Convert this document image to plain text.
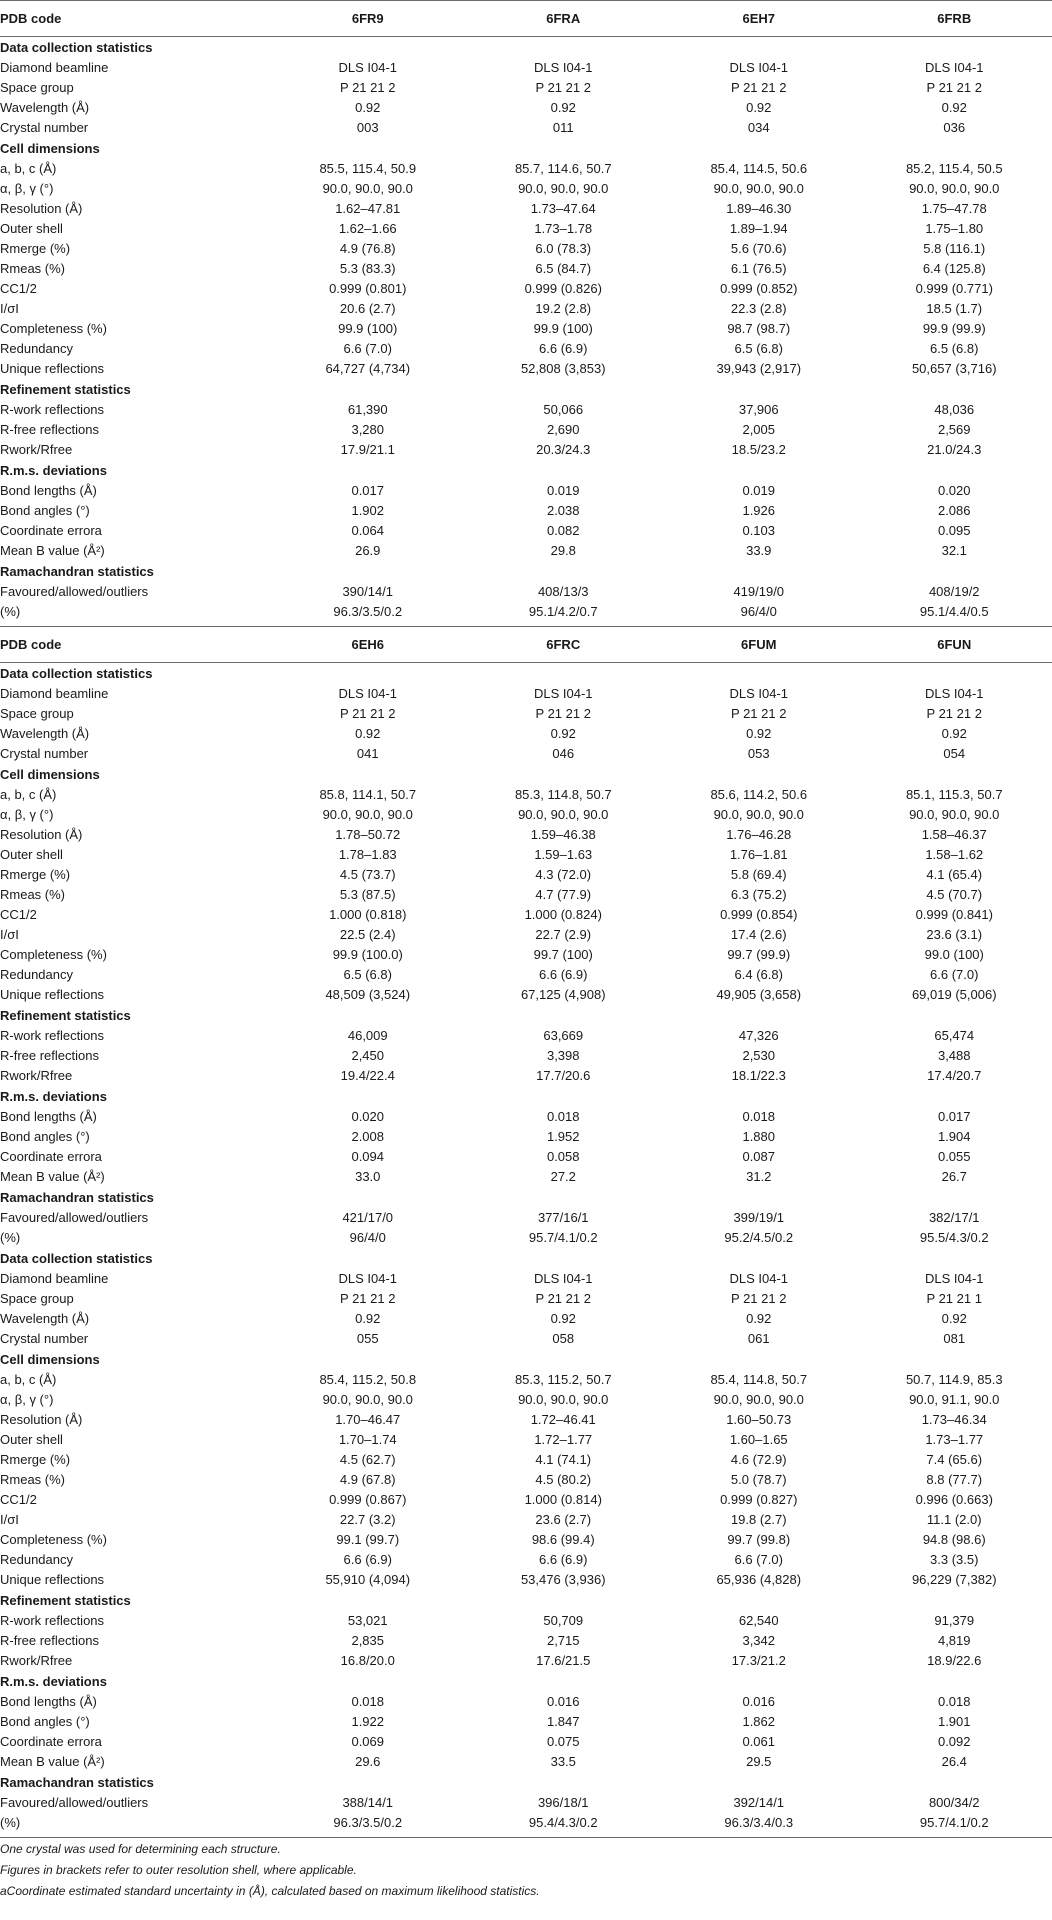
PDB code	6FR9	6FRA	6EH7	6FRB
Data collection statistics				
Diamond beamline	DLS I04-1	DLS I04-1	DLS I04-1	DLS I04-1
Space group	P 21 21 2	P 21 21 2	P 21 21 2	P 21 21 2
Wavelength (Å)	0.92	0.92	0.92	0.92
Crystal number	003	011	034	036
Cell dimensions				
a, b, c (Å)	85.5, 115.4, 50.9	85.7, 114.6, 50.7	85.4, 114.5, 50.6	85.2, 115.4, 50.5
α, β, γ (°)	90.0, 90.0, 90.0	90.0, 90.0, 90.0	90.0, 90.0, 90.0	90.0, 90.0, 90.0
Resolution (Å)	1.62–47.81	1.73–47.64	1.89–46.30	1.75–47.78
Outer shell	1.62–1.66	1.73–1.78	1.89–1.94	1.75–1.80
Rmerge (%)	4.9 (76.8)	6.0 (78.3)	5.6 (70.6)	5.8 (116.1)
Rmeas (%)	5.3 (83.3)	6.5 (84.7)	6.1 (76.5)	6.4 (125.8)
CC1/2	0.999 (0.801)	0.999 (0.826)	0.999 (0.852)	0.999 (0.771)
I/σI	20.6 (2.7)	19.2 (2.8)	22.3 (2.8)	18.5 (1.7)
Completeness (%)	99.9 (100)	99.9 (100)	98.7 (98.7)	99.9 (99.9)
Redundancy	6.6 (7.0)	6.6 (6.9)	6.5 (6.8)	6.5 (6.8)
Unique reflections	64,727 (4,734)	52,808 (3,853)	39,943 (2,917)	50,657 (3,716)
Refinement statistics				
R-work reflections	61,390	50,066	37,906	48,036
R-free reflections	3,280	2,690	2,005	2,569
Rwork/Rfree	17.9/21.1	20.3/24.3	18.5/23.2	21.0/24.3
R.m.s. deviations				
Bond lengths (Å)	0.017	0.019	0.019	0.020
Bond angles (°)	1.902	2.038	1.926	2.086
Coordinate errora	0.064	0.082	0.103	0.095
Mean B value (Å²)	26.9	29.8	33.9	32.1
Ramachandran statistics				
Favoured/allowed/outliers	390/14/1	408/13/3	419/19/0	408/19/2
(%)	96.3/3.5/0.2	95.1/4.2/0.7	96/4/0	95.1/4.4/0.5
PDB code	6EH6	6FRC	6FUM	6FUN
Data collection statistics				
Diamond beamline	DLS I04-1	DLS I04-1	DLS I04-1	DLS I04-1
Space group	P 21 21 2	P 21 21 2	P 21 21 2	P 21 21 2
Wavelength (Å)	0.92	0.92	0.92	0.92
Crystal number	041	046	053	054
Cell dimensions				
a, b, c (Å)	85.8, 114.1, 50.7	85.3, 114.8, 50.7	85.6, 114.2, 50.6	85.1, 115.3, 50.7
α, β, γ (°)	90.0, 90.0, 90.0	90.0, 90.0, 90.0	90.0, 90.0, 90.0	90.0, 90.0, 90.0
Resolution (Å)	1.78–50.72	1.59–46.38	1.76–46.28	1.58–46.37
Outer shell	1.78–1.83	1.59–1.63	1.76–1.81	1.58–1.62
Rmerge (%)	4.5 (73.7)	4.3 (72.0)	5.8 (69.4)	4.1 (65.4)
Rmeas (%)	5.3 (87.5)	4.7 (77.9)	6.3 (75.2)	4.5 (70.7)
CC1/2	1.000 (0.818)	1.000 (0.824)	0.999 (0.854)	0.999 (0.841)
I/σI	22.5 (2.4)	22.7 (2.9)	17.4 (2.6)	23.6 (3.1)
Completeness (%)	99.9 (100.0)	99.7 (100)	99.7 (99.9)	99.0 (100)
Redundancy	6.5 (6.8)	6.6 (6.9)	6.4 (6.8)	6.6 (7.0)
Unique reflections	48,509 (3,524)	67,125 (4,908)	49,905 (3,658)	69,019 (5,006)
Refinement statistics				
R-work reflections	46,009	63,669	47,326	65,474
R-free reflections	2,450	3,398	2,530	3,488
Rwork/Rfree	19.4/22.4	17.7/20.6	18.1/22.3	17.4/20.7
R.m.s. deviations				
Bond lengths (Å)	0.020	0.018	0.018	0.017
Bond angles (°)	2.008	1.952	1.880	1.904
Coordinate errora	0.094	0.058	0.087	0.055
Mean B value (Å²)	33.0	27.2	31.2	26.7
Ramachandran statistics				
Favoured/allowed/outliers	421/17/0	377/16/1	399/19/1	382/17/1
(%)	96/4/0	95.7/4.1/0.2	95.2/4.5/0.2	95.5/4.3/0.2
Data collection statistics				
Diamond beamline	DLS I04-1	DLS I04-1	DLS I04-1	DLS I04-1
Space group	P 21 21 2	P 21 21 2	P 21 21 2	P 21 21 1
Wavelength (Å)	0.92	0.92	0.92	0.92
Crystal number	055	058	061	081
Cell dimensions				
a, b, c (Å)	85.4, 115.2, 50.8	85.3, 115.2, 50.7	85.4, 114.8, 50.7	50.7, 114.9, 85.3
α, β, γ (°)	90.0, 90.0, 90.0	90.0, 90.0, 90.0	90.0, 90.0, 90.0	90.0, 91.1, 90.0
Resolution (Å)	1.70–46.47	1.72–46.41	1.60–50.73	1.73–46.34
Outer shell	1.70–1.74	1.72–1.77	1.60–1.65	1.73–1.77
Rmerge (%)	4.5 (62.7)	4.1 (74.1)	4.6 (72.9)	7.4 (65.6)
Rmeas (%)	4.9 (67.8)	4.5 (80.2)	5.0 (78.7)	8.8 (77.7)
CC1/2	0.999 (0.867)	1.000 (0.814)	0.999 (0.827)	0.996 (0.663)
I/σI	22.7 (3.2)	23.6 (2.7)	19.8 (2.7)	11.1 (2.0)
Completeness (%)	99.1 (99.7)	98.6 (99.4)	99.7 (99.8)	94.8 (98.6)
Redundancy	6.6 (6.9)	6.6 (6.9)	6.6 (7.0)	3.3 (3.5)
Unique reflections	55,910 (4,094)	53,476 (3,936)	65,936 (4,828)	96,229 (7,382)
Refinement statistics				
R-work reflections	53,021	50,709	62,540	91,379
R-free reflections	2,835	2,715	3,342	4,819
Rwork/Rfree	16.8/20.0	17.6/21.5	17.3/21.2	18.9/22.6
R.m.s. deviations				
Bond lengths (Å)	0.018	0.016	0.016	0.018
Bond angles (°)	1.922	1.847	1.862	1.901
Coordinate errora	0.069	0.075	0.061	0.092
Mean B value (Å²)	29.6	33.5	29.5	26.4
Ramachandran statistics				
Favoured/allowed/outliers	388/14/1	396/18/1	392/14/1	800/34/2
(%)	96.3/3.5/0.2	95.4/4.3/0.2	96.3/3.4/0.3	95.7/4.1/0.2
One crystal was used for determining each structure.
Figures in brackets refer to outer resolution shell, where applicable.
aCoordinate estimated standard uncertainty in (Å), calculated based on maximum likelihood statistics.
